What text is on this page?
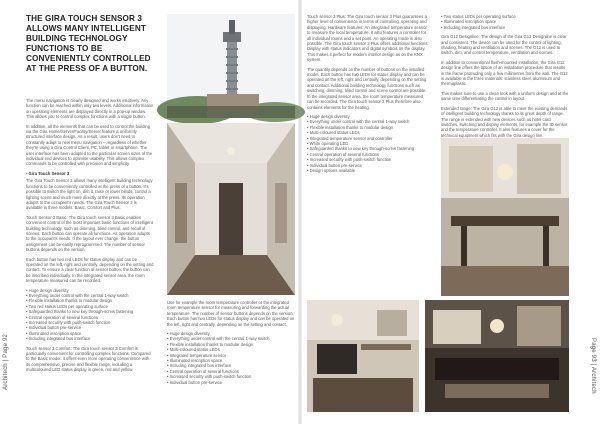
Architech | Page 92	Page 93 | Architech
THE GIRA TOUCH SENSOR 3 ALLOWS MANY INTELLIGENT BUILDING TECHNOLOGY FUNCTIONS TO BE CONVENIENTLY CONTROLLED AT THE PRESS OF A BUTTON.

The menu navigation is clearly designed and works intuitively. Any function can be reached within only two levels. Additional information on operating elements are displayed directly in a pop-up window. This allows you to control complex functions with a single button.

In addition, all the elements that can be used to control the building via the Gira Home/Server/Facility/Server feature a uniformly structured interface design. As a result, users don't need to constantly adapt to new menu navigation – regardless of whether they're using a Gira Control Client, PC, tablet or smartphone. The user interface has been adapted to the particular screen sizes of the individual end devices to optimise usability. This allows complex commands to be controlled with precision and simplicity.

- Gira Touch Sensor 3

The Gira Touch Sensor 3 allows many intelligent building technology functions to be conveniently controlled at the press of a button. It's possible to switch the light on, dim it, raise or lower blinds, control a lighting scene and much more directly at the press. Its operation adapts to the occupant's needs. The Gira Touch Sensor 3 is available in three models: Basic, Comfort and Plus.

Touch Sensor 3 Basic: The Gira touch sensor 3 Basic enables convenient control of the most important basic functions of intelligent building technology, such as dimming, blind control, and recall of scenes. Each button can operate all functions. As operation adapts to the occupant's needs. If the layout ever change, the button assignment can be easily reprogrammed. The number of sensor buttons depends on the version.

Each button has two red LEDs for status display and can be operated on the left, right and centrally, depending on the setting and contact. To ensure a clear function of sensor button, the button can be inscribed individually. In the integrated sensor area, the room temperature measured can be recorded.

• Huge design diversity
• Everything under control with the central 1-way switch
• Flexible installation thanks to modular design
• Two red status LEDs per operating surface
• Safeguarded thanks to new key through-screw fastening
• Central operation of several functions
• Increased security with push-switch function
• Individual button pre-service
• Illuminated inscription space
• Including integrated bus interface

Touch sensor 3 Comfort: The Gira touch sensor 3 Comfort is particularly convenient for controlling complex functions. Compared to the Basic model, it offers even more operating convenience with its comprehensive, precise and flexible range, including a multicoloured LED status display in green, red and yellow.

Use for example the room temperature controller or the integrated room temperature sensor for measuring and forwarding the actual temperature. The number of sensor buttons depends on the version. Each button has two LEDs for status display and can be operated on the left, right and centrally, depending on the setting and contact.

• Huge design diversity
• Everything under control with the central 1-way switch
• Flexible installation thanks to modular design
• Multi-coloured status LEDs
• Integrated temperature sensor
• Illuminated inscription space
• Including integrated bus interface
• Central operation of several functions
• Increased security with push-switch function
• Individual button pre-service

Touch sensor 3 Plus: The Gira touch sensor 3 Plus guarantees a higher level of convenience in terms of controlling, operating and displaying. Hardware features: An integrated temperature sensor to measure the local temperature. It also features a controller for all individual rooms and a set point. An operating mode is also possible. The Gira touch sensor 3 Plus offers additional functions: Display with status indicators and digital symbols on the display. This makes it perfect for modern interior design as on the KNX system.

The quantity depends on the number of buttons on the installed model. Each button has two LEDs for status display and can be operated on the left, right and centrally, depending on the setting and contact. Additional building technology functions such as switching, dimming, blind control and scene control are possible. In the integrated sensor area, the room temperature measured can be recorded. The Gira touch sensor 3 Plus therefore also contains elements for the heating.

• Huge design diversity
• Everything under control with the central 1-way switch
• Flexible installation thanks to modular design
• Multi-coloured status LEDs
• Integrated temperature sensor and controller
• White operating LED
• Safeguarded thanks to new key through-screw fastening
• Central operation of several functions
• Increased security with push-switch function
• Individual button pre-service
• Design options available
• Two status LEDs per operating surface
• Illuminated inscription space
• Including integrated bus interface

Gira G12 Designline: The design of the Gira G12 Designline is clear and consistent. The device can be used for the control of lighting, shading, heating and ventilation and scenes. The G12 is used to switch, dim, and control temperature, ventilation and scenes.

In addition to conventional flush-mounted installation, the Gira G12 design line offers the option of an installation procedure that results in the frame protruding only a few millimetres from the wall. The G12 is available in the three materials: stainless steel, aluminium and thermoplastic.

This makes sure to use a clean look with a uniform design and at the same time differentiating the control in layout.

Extended range: The Gira G12 is able to meet the existing demands of intelligent building technology thanks to its great depth of range. The range is extended with new devices such as hotel card switches, switching and display elements, for example the ID sensor and the temperature controller. It also features a cover for the technical equipment which fits with the Gira design line.
